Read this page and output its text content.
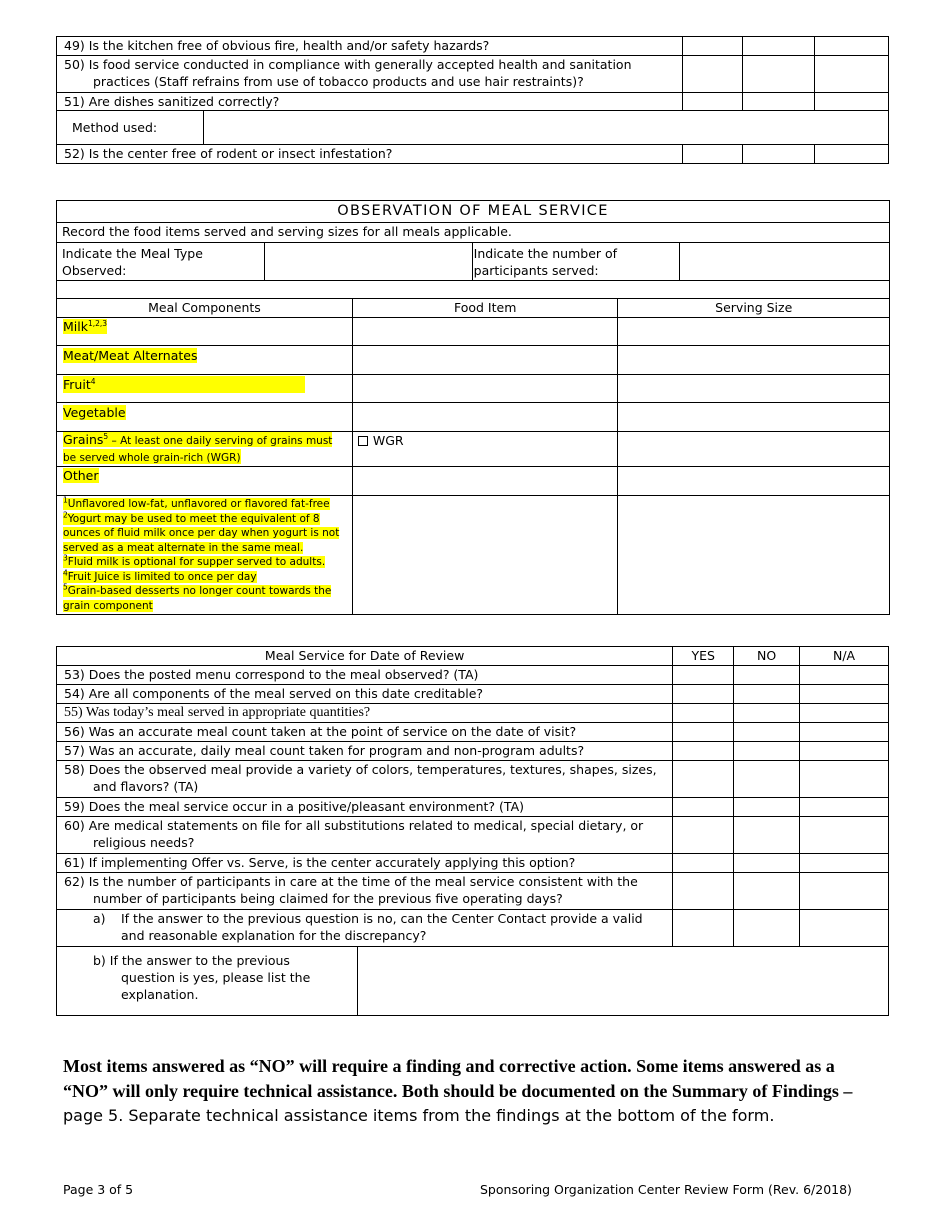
49) Is the kitchen free of obvious fire, health and/or safety hazards?				
50) Is food service conducted in compliance with generally accepted health and sanitation practices (Staff refrains from use of tobacco products and use hair restraints)?				
51) Are dishes sanitized correctly?				
Method used:				
52) Is the center free of rodent or insect infestation?				
OBSERVATION OF MEAL SERVICE					
Record the food items served and serving sizes for all meals applicable.					
Indicate the Meal Type Observed:			Indicate the number of participants served:		

Meal Components		Food Item		Serving Size	
Milk$^{1,2,3}$		
Meat/Meat Alternates					
Fruit$^4$		
Vegetable					
Grains$^5$ – At least one daily serving of grains must be served whole grain-rich (WGR)		WGR			
Other					
$^1$Unflavored low-fat, unflavored or flavored fat-free
$^2$Yogurt may be used to meet the equivalent of 8 ounces of fluid milk once per day when yogurt is not served as a meat alternate in the same meal.
$^3$Fluid milk is optional for supper served to adults.
$^4$Fruit Juice is limited to once per day
$^5$Grain-based desserts no longer count towards the grain component					
Meal Service for Date of Review		YES	NO	N/A
53) Does the posted menu correspond to the meal observed? (TA)				
54) Are all components of the meal served on this date creditable?				
55) Was today’s meal served in appropriate quantities?				
56) Was an accurate meal count taken at the point of service on the date of visit?				
57) Was an accurate, daily meal count taken for program and non-program adults?				
58) Does the observed meal provide a variety of colors, temperatures, textures, shapes, sizes, and flavors? (TA)				
59) Does the meal service occur in a positive/pleasant environment? (TA)				
60) Are medical statements on file for all substitutions related to medical, special dietary, or religious needs?				
61) If implementing Offer vs. Serve, is the center accurately applying this option?				
62) Is the number of participants in care at the time of the meal service consistent with the number of participants being claimed for the previous five operating days?				

a) If the answer to the previous question is no, can the Center Contact provide a valid and reasonable explanation for the discrepancy?				

b) If the answer to the previous question is yes, please list the explanation.				
Most items answered as “NO” will require a finding and corrective action. Some items answered as a “NO” will only require technical assistance. Both should be documented on the Summary of Findings – page 5. Separate technical assistance items from the findings at the bottom of the form.
Page 3 of 5	Sponsoring Organization Center Review Form (Rev. 6/2018)
